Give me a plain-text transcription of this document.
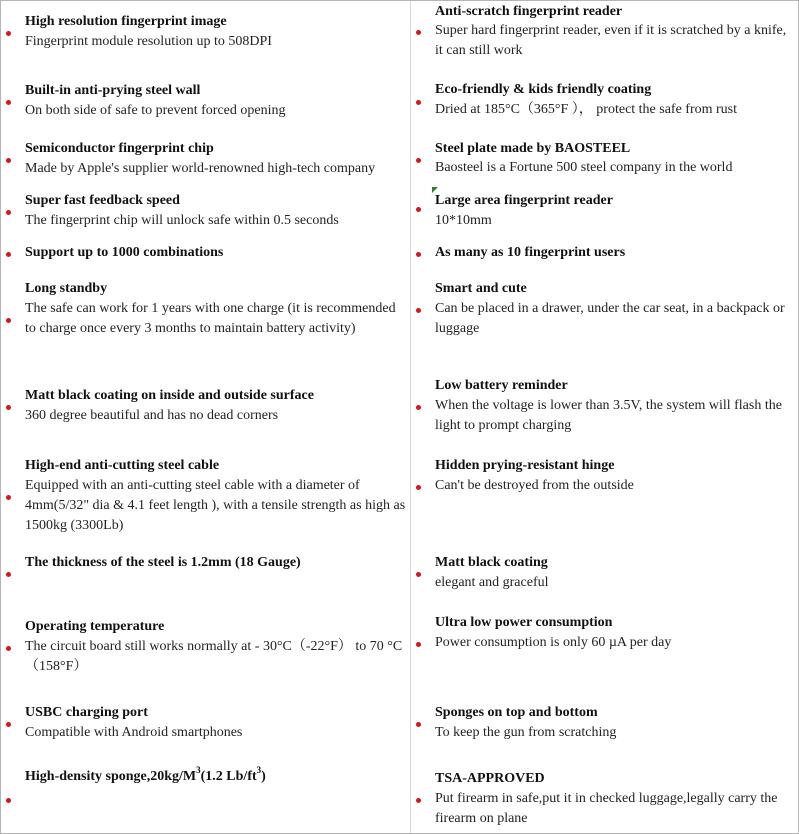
High resolution fingerprint image
Fingerprint module resolution up to 508DPI
Built-in anti-prying steel wall
On both side of safe to prevent forced opening
Semiconductor fingerprint chip
Made by Apple's supplier world-renowned high-tech company
Super fast feedback speed
The fingerprint chip will unlock safe within 0.5 seconds
Support up to 1000 combinations
Long standby
The safe can work for 1 years with one charge (it is recommended to charge once every 3 months to maintain battery activity)
Matt black coating on inside and outside surface
360 degree beautiful and has no dead corners
High-end anti-cutting steel cable
Equipped with an anti-cutting steel cable with a diameter of 4mm(5/32" dia & 4.1 feet length ), with a tensile strength as high as 1500kg (3300Lb)
The thickness of the steel is 1.2mm (18 Gauge)
Operating temperature
The circuit board still works normally at - 30°C（-22°F） to 70 °C（158°F）
USBC charging port
Compatible with Android smartphones
High-density $sponge,20kg/M^3(1.2$ $Lb/ft^3$)
Anti-scratch fingerprint reader
Super hard fingerprint reader, even if it is scratched by a knife, it can still work
Eco-friendly & kids friendly coating
Dried at 185°C（365°F ）， protect the safe from rust
Steel plate made by BAOSTEEL
Baosteel is a Fortune 500 steel company in the world
Large area fingerprint reader
10*10mm
As many as 10 fingerprint users
Smart and cute
Can be placed in a drawer, under the car seat, in a backpack or luggage
Low battery reminder
When the voltage is lower than 3.5V, the system will flash the light to prompt charging
Hidden prying-resistant hinge
Can't be destroyed from the outside
Matt black coating
elegant and graceful
Ultra low power consumption
Power consumption is only 60 µA per day
Sponges on top and bottom
To keep the gun from scratching
TSA-APPROVED
Put firearm in safe,put it in checked luggage,legally carry the firearm on plane
